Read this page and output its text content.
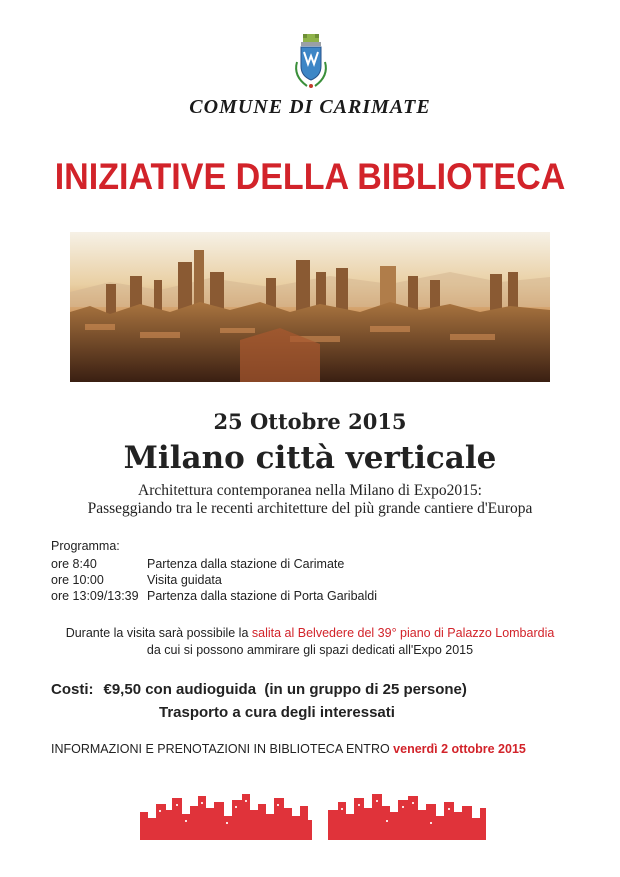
COMUNE DI CARIMATE
INIZIATIVE DELLA BIBLIOTECA
25 Ottobre 2015
Milano città verticale
Architettura contemporanea nella Milano di Expo2015:
Passeggiando tra le recenti architetture del più grande cantiere d'Europa
Programma:
ore 8:40	Partenza dalla stazione di Carimate
ore 10:00	Visita guidata
ore 13:09/13:39 Partenza dalla stazione di Porta Garibaldi
Durante la visita sarà possibile la salita al Belvedere del 39° piano di Palazzo Lombardia
da cui si possono ammirare gli spazi dedicati all'Expo 2015
Costi: €9,50 con audioguida  (in un gruppo di 25 persone)
Trasporto a cura degli interessati
INFORMAZIONI E PRENOTAZIONI IN BIBLIOTECA ENTRO venerdì 2 ottobre 2015
